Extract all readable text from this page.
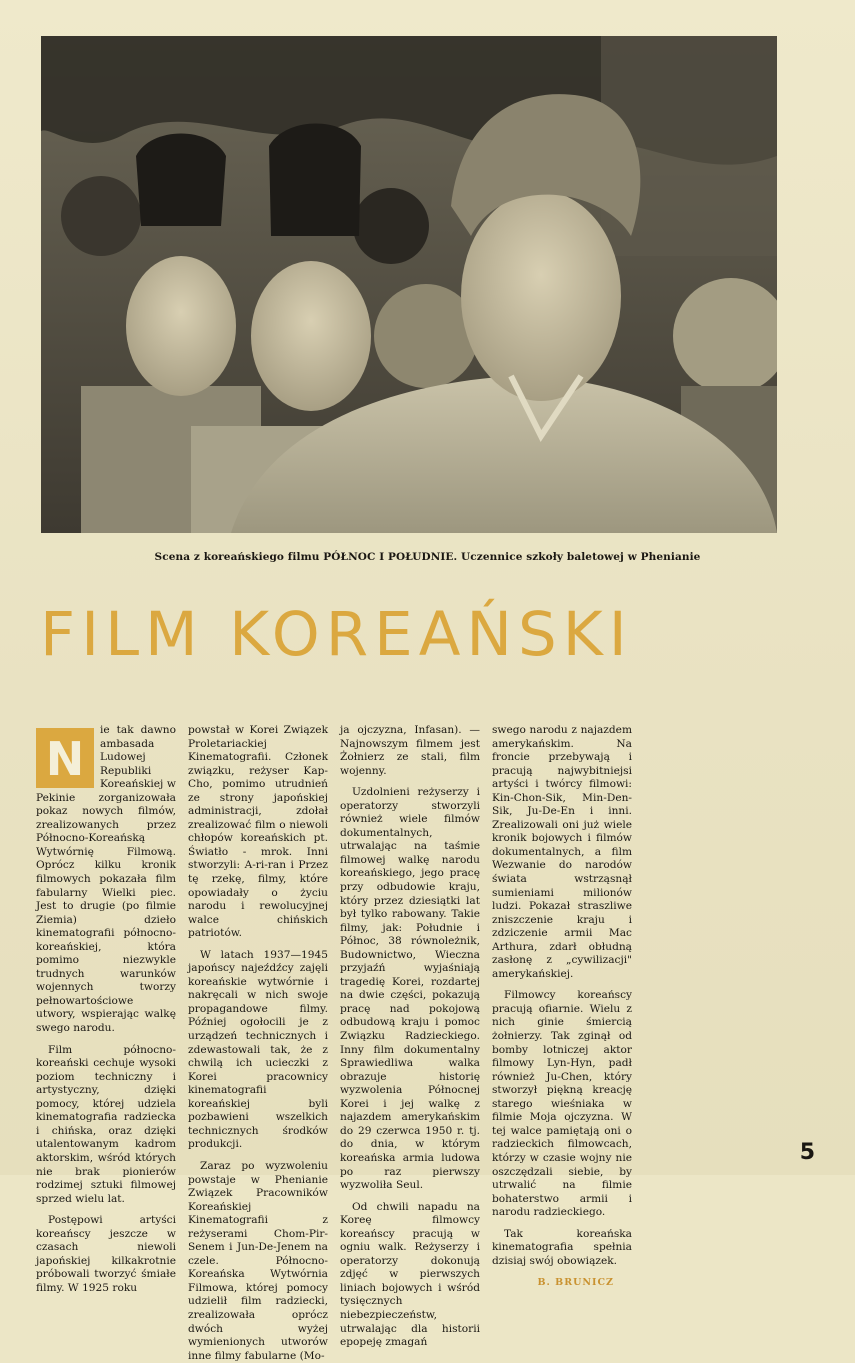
Scena z koreańskiego filmu PÓŁNOC I POŁUDNIE. Uczennice szkoły baletowej w Phenianie
FILM KOREAŃSKI
N

ie tak dawno ambasada Ludowej Republiki Koreańskiej w Pekinie zorganizowała pokaz nowych filmów, zrealizowanych przez Północno-Koreańską Wytwórnię Filmową. Oprócz kilku kronik filmowych pokazała film fabularny Wielki piec. Jest to drugie (po filmie Ziemia) dzieło kinematografii północno-koreańskiej, która pomimo niezwykle trudnych warunków wojennych tworzy pełnowartościowe utwory, wspierając walkę swego narodu.

Film północno-koreański cechuje wysoki poziom techniczny i artystyczny, dzięki pomocy, której udziela kinematografia radziecka i chińska, oraz dzięki utalentowanym kadrom aktorskim, wśród których nie brak pionierów rodzimej sztuki filmowej sprzed wielu lat.

Postępowi artyści koreańscy jeszcze w czasach niewoli japońskiej kilkakrotnie próbowali tworzyć śmiałe filmy. W 1925 roku

powstał w Korei Związek Proletariackiej Kinematografii. Członek związku, reżyser Kap-Cho, pomimo utrudnień ze strony japońskiej administracji, zdołał zrealizować film o niewoli chłopów koreańskich pt. Światło - mrok. Inni stworzyli: A-ri-ran i Przez tę rzekę, filmy, które opowiadały o życiu narodu i rewolucyjnej walce chińskich patriotów.

W latach 1937—1945 japońscy najeźdźcy zajęli koreańskie wytwórnie i nakręcali w nich swoje propagandowe filmy. Później ogołocili je z urządzeń technicznych i zdewastowali tak, że z chwilą ich ucieczki z Korei pracownicy kinematografii koreańskiej byli pozbawieni wszelkich technicznych środków produkcji.

Zaraz po wyzwoleniu powstaje w Phenianie Związek Pracowników Koreańskiej Kinematografii z reżyserami Chom-Pir-Senem i Jun-De-Jenem na czele. Północno-Koreańska Wytwórnia Filmowa, której pomocy udzielił film radziecki, zrealizowała oprócz dwóch wyżej wymienionych utworów inne filmy fabularne (Mo-

ja ojczyzna, Infasan). — Najnowszym filmem jest Żołnierz ze stali, film wojenny.

Uzdolnieni reżyserzy i operatorzy stworzyli również wiele filmów dokumentalnych, utrwalając na taśmie filmowej walkę narodu koreańskiego, jego pracę przy odbudowie kraju, który przez dziesiątki lat był tylko rabowany. Takie filmy, jak: Południe i Północ, 38 równoleżnik, Budownictwo, Wieczna przyjaźń wyjaśniają tragedię Korei, rozdartej na dwie części, pokazują pracę nad pokojową odbudową kraju i pomoc Związku Radzieckiego. Inny film dokumentalny Sprawiedliwa walka obrazuje historię wyzwolenia Północnej Korei i jej walkę z najazdem amerykańskim do 29 czerwca 1950 r. tj. do dnia, w którym koreańska armia ludowa po raz pierwszy wyzwoliła Seul.

Od chwili napadu na Koreę filmowcy koreańscy pracują w ogniu walk. Reżyserzy i operatorzy dokonują zdjęć w pierwszych liniach bojowych i wśród tysięcznych niebezpieczeństw, utrwalając dla historii epopeję zmagań

swego narodu z najazdem amerykańskim. Na froncie przebywają i pracują najwybitniejsi artyści i twórcy filmowi: Kin-Chon-Sik, Min-Den-Sik, Ju-De-En i inni. Zrealizowali oni już wiele kronik bojowych i filmów dokumentalnych, a film Wezwanie do narodów świata wstrząsnął sumieniami milionów ludzi. Pokazał straszliwe zniszczenie kraju i zdziczenie armii Mac Arthura, zdarł obłudną zasłonę z „cywilizacji" amerykańskiej.

Filmowcy koreańscy pracują ofiarnie. Wielu z nich ginie śmiercią żołnierzy. Tak zginął od bomby lotniczej aktor filmowy Lyn-Hyn, padł również Ju-Chen, który stworzył piękną kreację starego wieśniaka w filmie Moja ojczyzna. W tej walce pamiętają oni o radzieckich filmowcach, którzy w czasie wojny nie oszczędzali siebie, by utrwalić na filmie bohaterstwo armii i narodu radzieckiego.

Tak koreańska kinematografia spełnia dzisiaj swój obowiązek.

B. BRUNICZ
5
